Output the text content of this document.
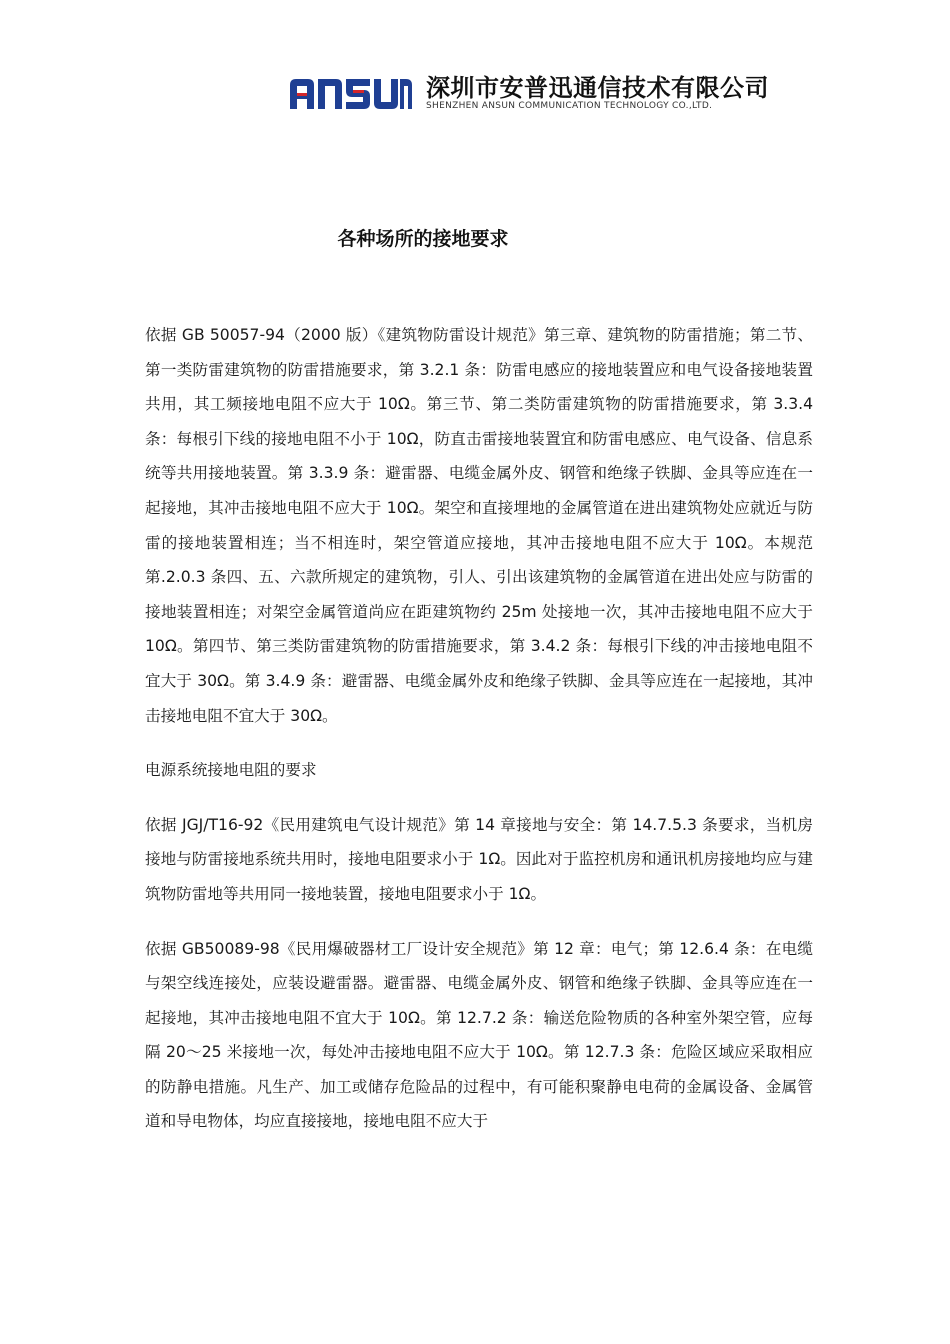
深圳市安普迅通信技术有限公司
SHENZHEN ANSUN COMMUNICATION TECHNOLOGY CO.,LTD.
各种场所的接地要求

依据 GB 50057-94（2000 版）《建筑物防雷设计规范》第三章、建筑物的防雷措施；第二节、第一类防雷建筑物的防雷措施要求，第 3.2.1 条：防雷电感应的接地装置应和电气设备接地装置共用，其工频接地电阻不应大于 10Ω。第三节、第二类防雷建筑物的防雷措施要求，第 3.3.4 条：每根引下线的接地电阻不小于 10Ω，防直击雷接地装置宜和防雷电感应、电气设备、信息系统等共用接地装置。第 3.3.9 条：避雷器、电缆金属外皮、钢管和绝缘子铁脚、金具等应连在一起接地，其冲击接地电阻不应大于 10Ω。架空和直接埋地的金属管道在进出建筑物处应就近与防雷的接地装置相连；当不相连时，架空管道应接地，其冲击接地电阻不应大于 10Ω。本规范第.2.0.3 条四、五、六款所规定的建筑物，引人、引出该建筑物的金属管道在进出处应与防雷的接地装置相连；对架空金属管道尚应在距建筑物约 25m 处接地一次，其冲击接地电阻不应大于 10Ω。第四节、第三类防雷建筑物的防雷措施要求，第 3.4.2 条：每根引下线的冲击接地电阻不宜大于 30Ω。第 3.4.9 条：避雷器、电缆金属外皮和绝缘子铁脚、金具等应连在一起接地，其冲击接地电阻不宜大于 30Ω。

电源系统接地电阻的要求

依据 JGJ/T16-92《民用建筑电气设计规范》第 14 章接地与安全：第 14.7.5.3 条要求，当机房接地与防雷接地系统共用时，接地电阻要求小于 1Ω。因此对于监控机房和通讯机房接地均应与建筑物防雷地等共用同一接地装置，接地电阻要求小于 1Ω。

依据 GB50089-98《民用爆破器材工厂设计安全规范》第 12 章：电气；第 12.6.4 条：在电缆与架空线连接处，应装设避雷器。避雷器、电缆金属外皮、钢管和绝缘子铁脚、金具等应连在一起接地，其冲击接地电阻不宜大于 10Ω。第 12.7.2 条：输送危险物质的各种室外架空管，应每隔 20～25 米接地一次，每处冲击接地电阻不应大于 10Ω。第 12.7.3 条：危险区域应采取相应的防静电措施。凡生产、加工或储存危险品的过程中，有可能积聚静电电荷的金属设备、金属管道和导电物体，均应直接接地，接地电阻不应大于
